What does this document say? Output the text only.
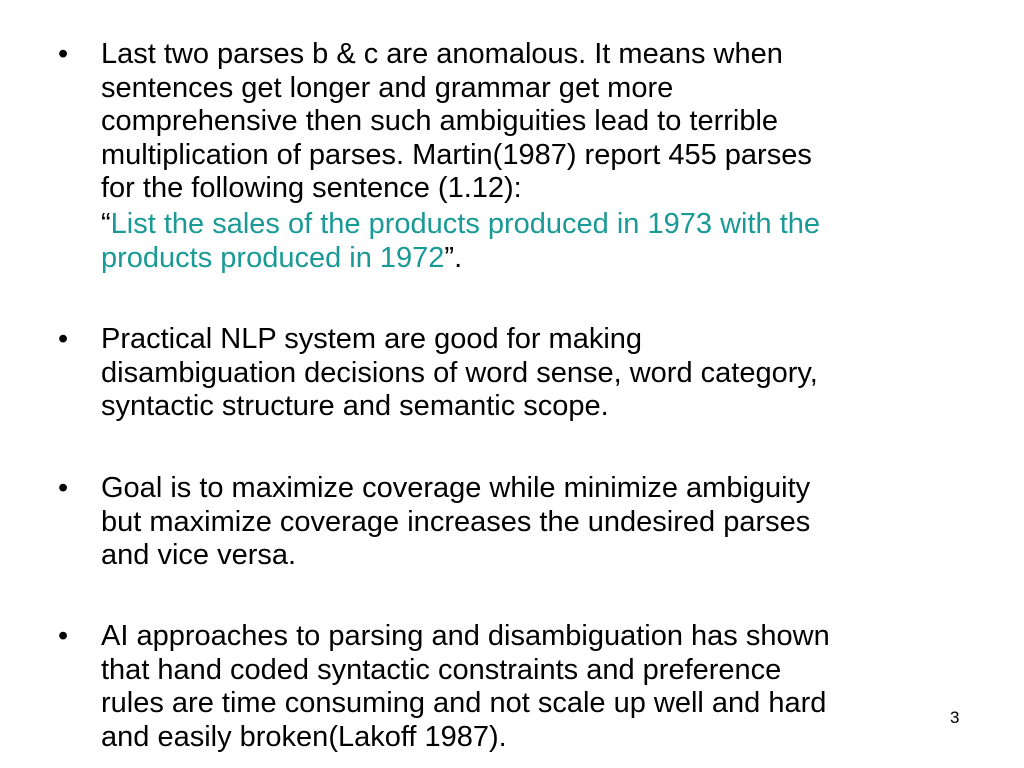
• Last two parses b & c are anomalous. It means when
sentences get longer and grammar get more
comprehensive then such ambiguities lead to terrible
multiplication of parses. Martin(1987) report 455 parses
for the following sentence (1.12):
“List the sales of the products produced in 1973 with the
products produced in 1972”.
• Practical NLP system are good for making
disambiguation decisions of word sense, word category,
syntactic structure and semantic scope.
• Goal is to maximize coverage while minimize ambiguity
but maximize coverage increases the undesired parses
and vice versa.
• AI approaches to parsing and disambiguation has shown
that hand coded syntactic constraints and preference
rules are time consuming and not scale up well and hard
and easily broken(Lakoff 1987).
3
